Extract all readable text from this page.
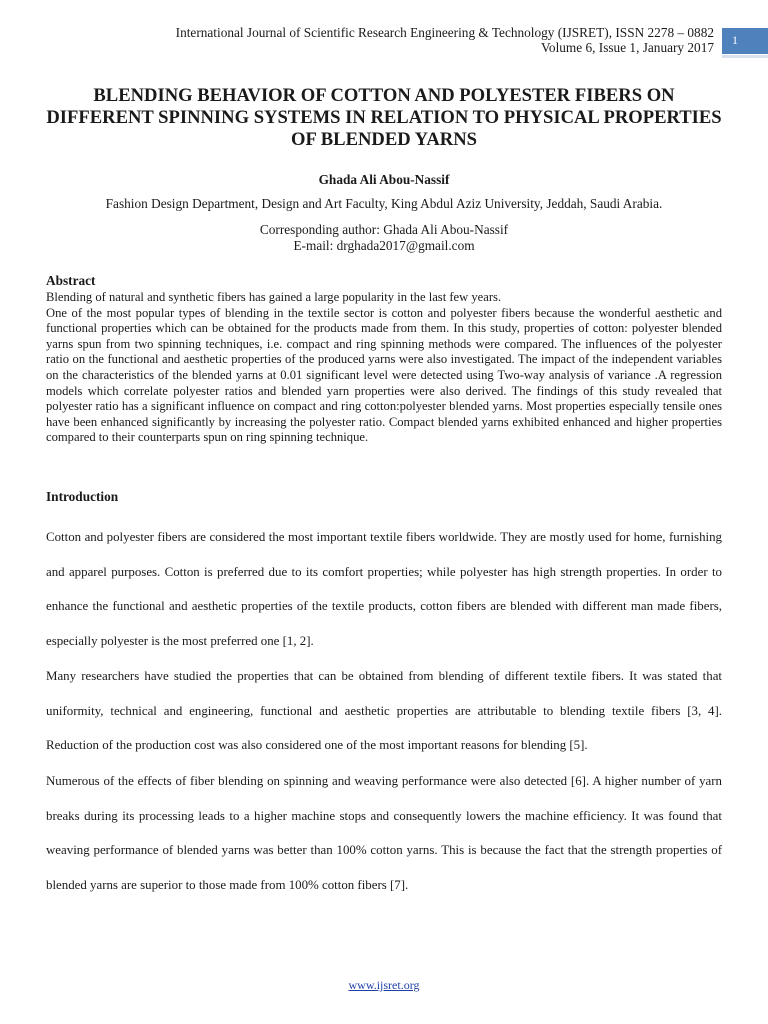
International Journal of Scientific Research Engineering & Technology (IJSRET), ISSN 2278 – 0882
Volume 6, Issue 1, January 2017	1
BLENDING BEHAVIOR OF COTTON AND POLYESTER FIBERS ON DIFFERENT SPINNING SYSTEMS IN RELATION TO PHYSICAL PROPERTIES OF BLENDED YARNS
Ghada Ali Abou-Nassif
Fashion Design Department, Design and Art Faculty, King Abdul Aziz University, Jeddah, Saudi Arabia.
Corresponding author: Ghada Ali Abou-Nassif
E-mail: drghada2017@gmail.com
Abstract

Blending of natural and synthetic fibers has gained a large popularity in the last few years.

One of the most popular types of blending in the textile sector is cotton and polyester fibers because the wonderful aesthetic and functional properties which can be obtained for the products made from them. In this study, properties of cotton: polyester blended yarns spun from two spinning techniques, i.e. compact and ring spinning methods were compared. The influences of the polyester ratio on the functional and aesthetic properties of the produced yarns were also investigated. The impact of the independent variables on the characteristics of the blended yarns at 0.01 significant level were detected using Two-way analysis of variance .A regression models which correlate polyester ratios and blended yarn properties were also derived. The findings of this study revealed that polyester ratio has a significant influence on compact and ring cotton:polyester blended yarns. Most properties especially tensile ones have been enhanced significantly by increasing the polyester ratio. Compact blended yarns exhibited enhanced and higher properties compared to their counterparts spun on ring spinning technique.

Introduction

Cotton and polyester fibers are considered the most important textile fibers worldwide. They are mostly used for home, furnishing and apparel purposes. Cotton is preferred due to its comfort properties; while polyester has high strength properties. In order to enhance the functional and aesthetic properties of the textile products, cotton fibers are blended with different man made fibers, especially polyester is the most preferred one [1, 2].

Many researchers have studied the properties that can be obtained from blending of different textile fibers. It was stated that uniformity, technical and engineering, functional and aesthetic properties are attributable to blending textile fibers [3, 4]. Reduction of the production cost was also considered one of the most important reasons for blending [5].

Numerous of the effects of fiber blending on spinning and weaving performance were also detected [6]. A higher number of yarn breaks during its processing leads to a higher machine stops and consequently lowers the machine efficiency. It was found that weaving performance of blended yarns was better than 100% cotton yarns. This is because the fact that the strength properties of blended yarns are superior to those made from 100% cotton fibers [7].

www.ijsret.org
